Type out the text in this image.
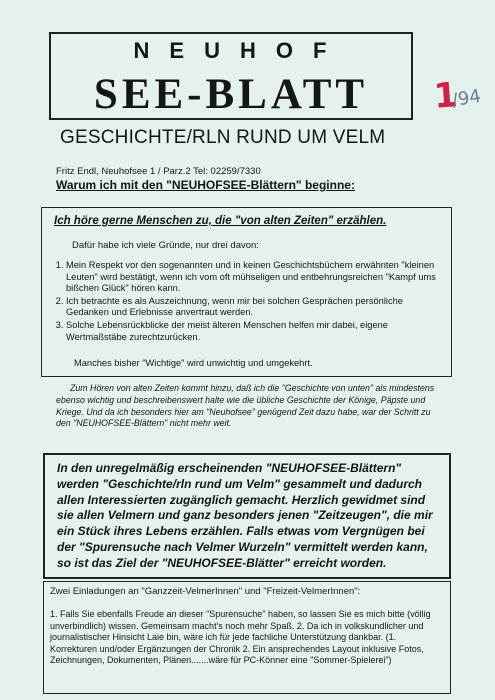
NEUHOF
SEE-BLATT	1
/94
GESCHICHTE/RLN RUND UM VELM
Fritz Endl, Neuhofsee 1 / Parz.2 Tel: 02259/7330
Warum ich mit den "NEUHOFSEE-Blättern" beginne:
Ich höre gerne Menschen zu, die "von alten Zeiten" erzählen.
Dafür habe ich viele Gründe, nur drei davon:
1. Mein Respekt vor den sogenannten und in keinen Geschichtsbüchern erwähnten "kleinen Leuten" wird bestätigt, wenn ich vom oft mühseligen und entbehrungsreichen "Kampf ums bißchen Glück" hören kann.
2. Ich betrachte es als Auszeichnung, wenn mir bei solchen Gesprächen persönliche Gedanken und Erlebnisse anvertraut werden.
3. Solche Lebensrückblicke der meist älteren Menschen helfen mir dabei, eigene Wertmaßstäbe zurechtzurücken.
Manches bisher "Wichtige" wird unwichtig und umgekehrt.
Zum Hören von alten Zeiten kommt hinzu, daß ich die "Geschichte von unten" als mindestens ebenso wichtig und beschreibenswert halte wie die übliche Geschichte der Könige, Päpste und Kriege. Und da ich besonders hier am "Neuhofsee" genügend Zeit dazu habe, war der Schritt zu den "NEUHOFSEE-Blättern" nicht mehr weit.
In den unregelmäßig erscheinenden "NEUHOFSEE-Blättern" werden "Geschichte/rln rund um Velm" gesammelt und dadurch allen Interessierten zugänglich gemacht. Herzlich gewidmet sind sie allen Velmern und ganz besonders jenen "Zeitzeugen", die mir ein Stück ihres Lebens erzählen. Falls etwas vom Vergnügen bei der "Spurensuche nach Velmer Wurzeln" vermittelt werden kann, so ist das Ziel der "NEUHOFSEE-Blätter" erreicht worden.
Zwei Einladungen an "Ganzzeit-VelmerInnen" und "Freizeit-VelmerInnen":
1. Falls Sie ebenfalls Freude an dieser "Spurensuche" haben, so lassen Sie es mich bitte (völlig unverbindlich) wissen. Gemeinsam macht's noch mehr Spaß. 2. Da ich in volkskundlicher und journalistischer Hinsicht Laie bin, wäre ich für jede fachliche Unterstützung dankbar. (1. Korrekturen und/oder Ergänzungen der Chronik 2. Ein ansprechendes Layout inklusive Fotos, Zeichnungen, Dokumenten, Plänen.......wäre für PC-Könner eine "Sommer-Spielerei")
